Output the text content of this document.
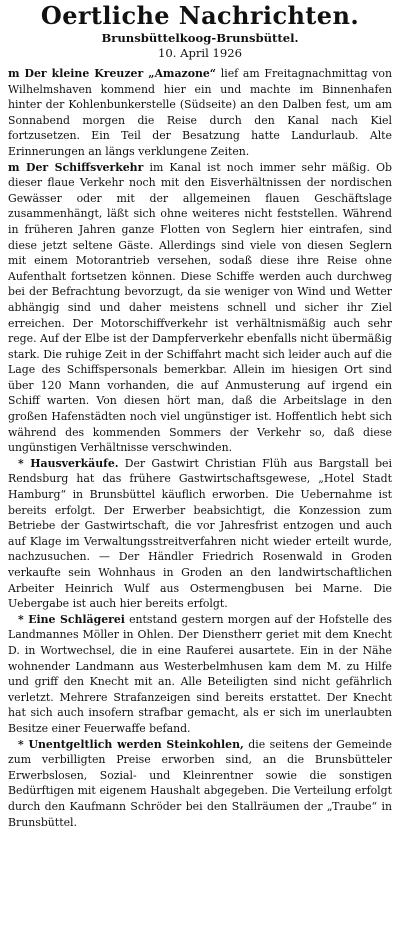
Oertliche Nachrichten.
Brunsbüttelkoog-Brunsbüttel.
10. April 1926

m Der kleine Kreuzer „Amazone“ lief am Freitagnachmittag von Wilhelmshaven kommend hier ein und machte im Binnenhafen hinter der Kohlenbunkerstelle (Südseite) an den Dalben fest, um am Sonnabend morgen die Reise durch den Kanal nach Kiel fortzusetzen. Ein Teil der Besatzung hatte Landurlaub. Alte Erinnerungen an längs verklungene Zeiten.

m Der Schiffsverkehr im Kanal ist noch immer sehr mäßig. Ob dieser flaue Verkehr noch mit den Eisverhältnissen der nordischen Gewässer oder mit der allgemeinen flauen Geschäftslage zusammenhängt, läßt sich ohne weiteres nicht feststellen. Während in früheren Jahren ganze Flotten von Seglern hier eintrafen, sind diese jetzt seltene Gäste. Allerdings sind viele von diesen Seglern mit einem Motorantrieb versehen, sodaß diese ihre Reise ohne Aufenthalt fortsetzen können. Diese Schiffe werden auch durchweg bei der Befrachtung bevorzugt, da sie weniger von Wind und Wetter abhängig sind und daher meistens schnell und sicher ihr Ziel erreichen. Der Motorschiffverkehr ist verhältnismäßig auch sehr rege. Auf der Elbe ist der Dampferverkehr ebenfalls nicht übermäßig stark. Die ruhige Zeit in der Schiffahrt macht sich leider auch auf die Lage des Schiffspersonals bemerkbar. Allein im hiesigen Ort sind über 120 Mann vorhanden, die auf Anmusterung auf irgend ein Schiff warten. Von diesen hört man, daß die Arbeitslage in den großen Hafenstädten noch viel ungünstiger ist. Hoffentlich hebt sich während des kommenden Sommers der Verkehr so, daß diese ungünstigen Verhältnisse verschwinden.

* Hausverkäufe. Der Gastwirt Christian Flüh aus Bargstall bei Rendsburg hat das frühere Gastwirtschaftsgewese, „Hotel Stadt Hamburg“ in Brunsbüttel käuflich erworben. Die Uebernahme ist bereits erfolgt. Der Erwerber beabsichtigt, die Konzession zum Betriebe der Gastwirtschaft, die vor Jahresfrist entzogen und auch auf Klage im Verwaltungsstreitverfahren nicht wieder erteilt wurde, nachzusuchen. — Der Händler Friedrich Rosenwald in Groden verkaufte sein Wohnhaus in Groden an den landwirtschaftlichen Arbeiter Heinrich Wulf aus Ostermengbusen bei Marne. Die Uebergabe ist auch hier bereits erfolgt.

* Eine Schlägerei entstand gestern morgen auf der Hofstelle des Landmannes Möller in Ohlen. Der Dienstherr geriet mit dem Knecht D. in Wortwechsel, die in eine Rauferei ausartete. Ein in der Nähe wohnender Landmann aus Westerbelmhusen kam dem M. zu Hilfe und griff den Knecht mit an. Alle Beteiligten sind nicht gefährlich verletzt. Mehrere Strafanzeigen sind bereits erstattet. Der Knecht hat sich auch insofern strafbar gemacht, als er sich im unerlaubten Besitze einer Feuerwaffe befand.

* Unentgeltlich werden Steinkohlen, die seitens der Gemeinde zum verbilligten Preise erworben sind, an die Brunsbütteler Erwerbslosen, Sozial- und Kleinrentner sowie die sonstigen Bedürftigen mit eigenem Haushalt abgegeben. Die Verteilung erfolgt durch den Kaufmann Schröder bei den Stallräumen der „Traube“ in Brunsbüttel.
